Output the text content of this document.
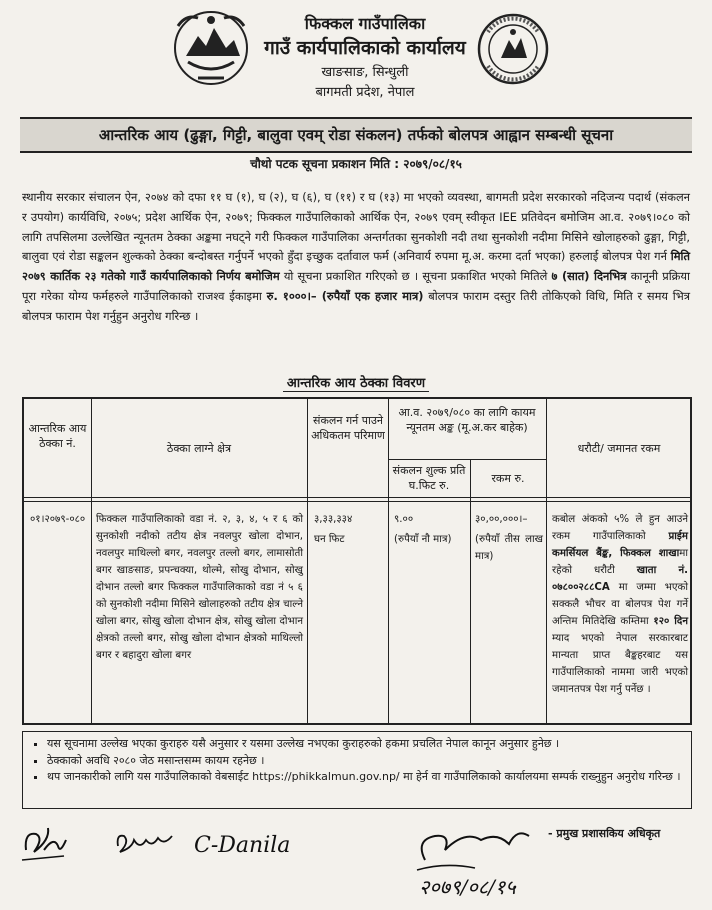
फिक्कल गाउँपालिका
गाउँ कार्यपालिकाको कार्यालय
खाङसाङ, सिन्धुली
बागमती प्रदेश, नेपाल
आन्तरिक आय (ढुङ्गा, गिट्टी, बालुवा एवम् रोडा संकलन) तर्फको बोलपत्र आह्वान सम्बन्धी सूचना
चौथो पटक सूचना प्रकाशन मिति : २०७९/०८/१५
स्थानीय सरकार संचालन ऐन, २०७४ को दफा ११ घ (१), घ (२), घ (६), घ (११) र घ (१३) मा भएको व्यवस्था, बागमती प्रदेश सरकारको नदिजन्य पदार्थ (संकलन र उपयोग) कार्यविधि, २०७५; प्रदेश आर्थिक ऐन, २०७९; फिक्कल गाउँपालिकाको आर्थिक ऐन, २०७९ एवम् स्वीकृत IEE प्रतिवेदन बमोजिम आ.व. २०७९।०८० को लागि तपसिलमा उल्लेखित न्यूनतम ठेक्का अङ्कमा नघट्ने गरी फिक्कल गाउँपालिका अन्तर्गतका सुनकोशी नदी तथा सुनकोशी नदीमा मिसिने खोलाहरुको ढुङ्गा, गिट्टी, बालुवा एवं रोडा सङ्कलन शुल्कको ठेक्का बन्दोबस्त गर्नुपर्ने भएको हुँदा इच्छुक दर्तावाल फर्म (अनिवार्य रुपमा मू.अ. करमा दर्ता भएका) हरुलाई बोलपत्र पेश गर्न मिति २०७९ कार्तिक २३ गतेको गाउँ कार्यपालिकाको निर्णय बमोजिम यो सूचना प्रकाशित गरिएको छ । सूचना प्रकाशित भएको मितिले ७ (सात) दिनभित्र कानूनी प्रक्रिया पूरा गरेका योग्य फर्महरुले गाउँपालिकाको राजश्व ईकाइमा रु. १०००।– (रुपैयाँ एक हजार मात्र) बोलपत्र फाराम दस्तुर तिरी तोकिएको विधि, मिति र समय भित्र बोलपत्र फाराम पेश गर्नुहुन अनुरोध गरिन्छ ।
आन्तरिक आय ठेक्का विवरण
आन्तरिक आय ठेक्का नं.	ठेक्का लाग्ने क्षेत्र
संकलन गर्न पाउने अधिकतम परिमाण
आ.व. २०७९/०८० का लागि कायम न्यूनतम अङ्क (मू.अ.कर बाहेक)
संकलन शुल्क प्रति घ.फिट रु.
रकम रु.
धरौटी/ जमानत रकम
०१।२०७९-०८० फिक्कल गाउँपालिकाको वडा नं. २, ३, ४, ५ र ६ को सुनकोशी नदीको तटीय क्षेत्र नवलपुर खोला दोभान, नवलपुर माथिल्लो बगर, नवलपुर तल्लो बगर, लामासोती बगर खाङसाङ, प्रपन्चक्या, थोल्मे, सोखु दोभान, सोखु दोभान तल्लो बगर फिक्कल गाउँपालिकाको वडा नं ५ ६ को सुनकोशी नदीमा मिसिने खोलाहरुको तटीय क्षेत्र चाल्ने खोला बगर, सोखु खोला दोभान क्षेत्र, सोखु खोला दोभान क्षेत्रको तल्लो बगर, सोखु खोला दोभान क्षेत्रको माथिल्लो बगर र बहादुरा खोला बगर
३,३३,३३४
घन फिट
९.००
(रुपैयाँ नौ मात्र)
३०,००,०००।–
(रुपैयाँ तीस लाख मात्र)
कबोल अंकको ५% ले हुन आउने रकम गाउँपालिकाको प्राईम कमर्सियल बैंङ्क, फिक्कल शाखामा रहेको धरौटी खाता नं. ०७८००२८८CA मा जम्मा भएको सक्कलै भौचर वा बोलपत्र पेश गर्ने अन्तिम मितिदेखि कम्तिमा १२० दिन म्याद भएको नेपाल सरकारबाट मान्यता प्राप्त बैङ्कहरबाट यस गाउँपालिकाको नाममा जारी भएको जमानतपत्र पेश गर्नु पर्नेछ ।
▪ यस सूचनामा उल्लेख भएका कुराहरु यसै अनुसार र यसमा उल्लेख नभएका कुराहरुको हकमा प्रचलित नेपाल कानून अनुसार हुनेछ ।
▪ ठेक्काको अवधि २०८० जेठ मसान्तसम्म कायम रहनेछ ।
▪ थप जानकारीको लागि यस गाउँपालिकाको वेबसाईट https://phikkalmun.gov.np/ मा हेर्न वा गाउँपालिकाको कार्यालयमा सम्पर्क राख्नुहुन अनुरोध गरिन्छ ।
C-Danila
२०७९/०८/१५
- प्रमुख प्रशासकिय अधिकृत
